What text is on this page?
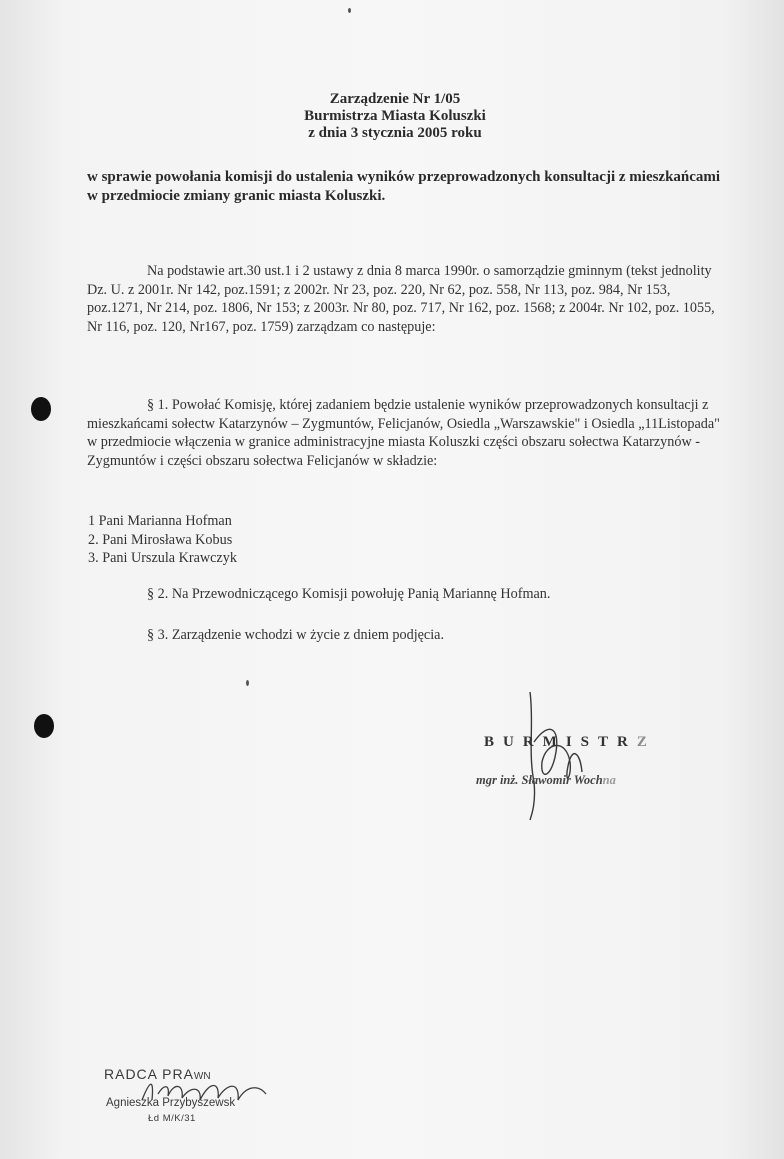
Zarządzenie Nr 1/05
Burmistrza Miasta Koluszki
z dnia 3 stycznia 2005 roku
w sprawie powołania komisji do ustalenia wyników przeprowadzonych konsultacji z mieszkańcami w przedmiocie zmiany granic miasta Koluszki.
Na podstawie art.30 ust.1 i 2 ustawy z dnia 8 marca 1990r. o samorządzie gminnym (tekst jednolity Dz. U. z 2001r. Nr 142, poz.1591; z 2002r. Nr 23, poz. 220, Nr 62, poz. 558, Nr 113, poz. 984, Nr 153, poz.1271, Nr 214, poz. 1806, Nr 153; z 2003r. Nr 80, poz. 717, Nr 162, poz. 1568; z 2004r. Nr 102, poz. 1055, Nr 116, poz. 120, Nr167, poz. 1759) zarządzam co następuje:
§ 1. Powołać Komisję, której zadaniem będzie ustalenie wyników przeprowadzonych konsultacji z mieszkańcami sołectw Katarzynów – Zygmuntów, Felicjanów, Osiedla „Warszawskie" i Osiedla „11Listopada" w przedmiocie włączenia w granice administracyjne miasta Koluszki części obszaru sołectwa Katarzynów - Zygmuntów i części obszaru sołectwa Felicjanów w składzie:
1 Pani Marianna Hofman
2. Pani Mirosława Kobus
3. Pani Urszula Krawczyk
§ 2. Na Przewodniczącego Komisji powołuję Panią Mariannę Hofman.
§ 3. Zarządzenie wchodzi w życie z dniem podjęcia.
BURMISTRZ
mgr inż. Sławomir Wochna
RADCA PRAWN
Agnieszka Przybyszewsk
Łd M/K/31
